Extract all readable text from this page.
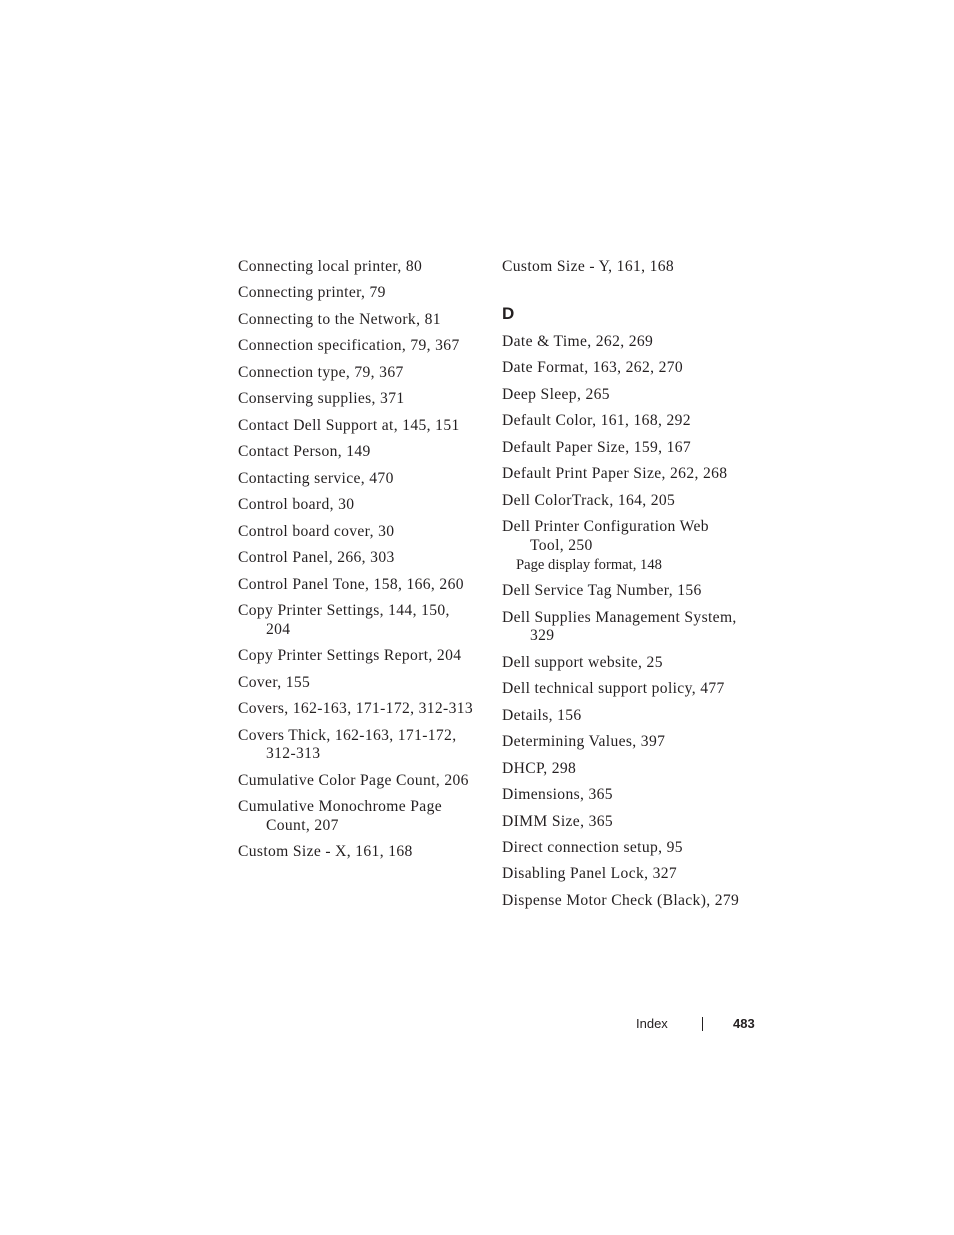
Connecting local printer, 80
Connecting printer, 79
Connecting to the Network, 81
Connection specification, 79, 367
Connection type, 79, 367
Conserving supplies, 371
Contact Dell Support at, 145, 151
Contact Person, 149
Contacting service, 470
Control board, 30
Control board cover, 30
Control Panel, 266, 303
Control Panel Tone, 158, 166, 260
Copy Printer Settings, 144, 150, 204
Copy Printer Settings Report, 204
Cover, 155
Covers, 162-163, 171-172, 312-313
Covers Thick, 162-163, 171-172, 312-313
Cumulative Color Page Count, 206
Cumulative Monochrome Page Count, 207
Custom Size - X, 161, 168
Custom Size - Y, 161, 168
D
Date & Time, 262, 269
Date Format, 163, 262, 270
Deep Sleep, 265
Default Color, 161, 168, 292
Default Paper Size, 159, 167
Default Print Paper Size, 262, 268
Dell ColorTrack, 164, 205
Dell Printer Configuration Web Tool, 250
Page display format, 148
Dell Service Tag Number, 156
Dell Supplies Management System, 329
Dell support website, 25
Dell technical support policy, 477
Details, 156
Determining Values, 397
DHCP, 298
Dimensions, 365
DIMM Size, 365
Direct connection setup, 95
Disabling Panel Lock, 327
Dispense Motor Check (Black), 279
Index	483
